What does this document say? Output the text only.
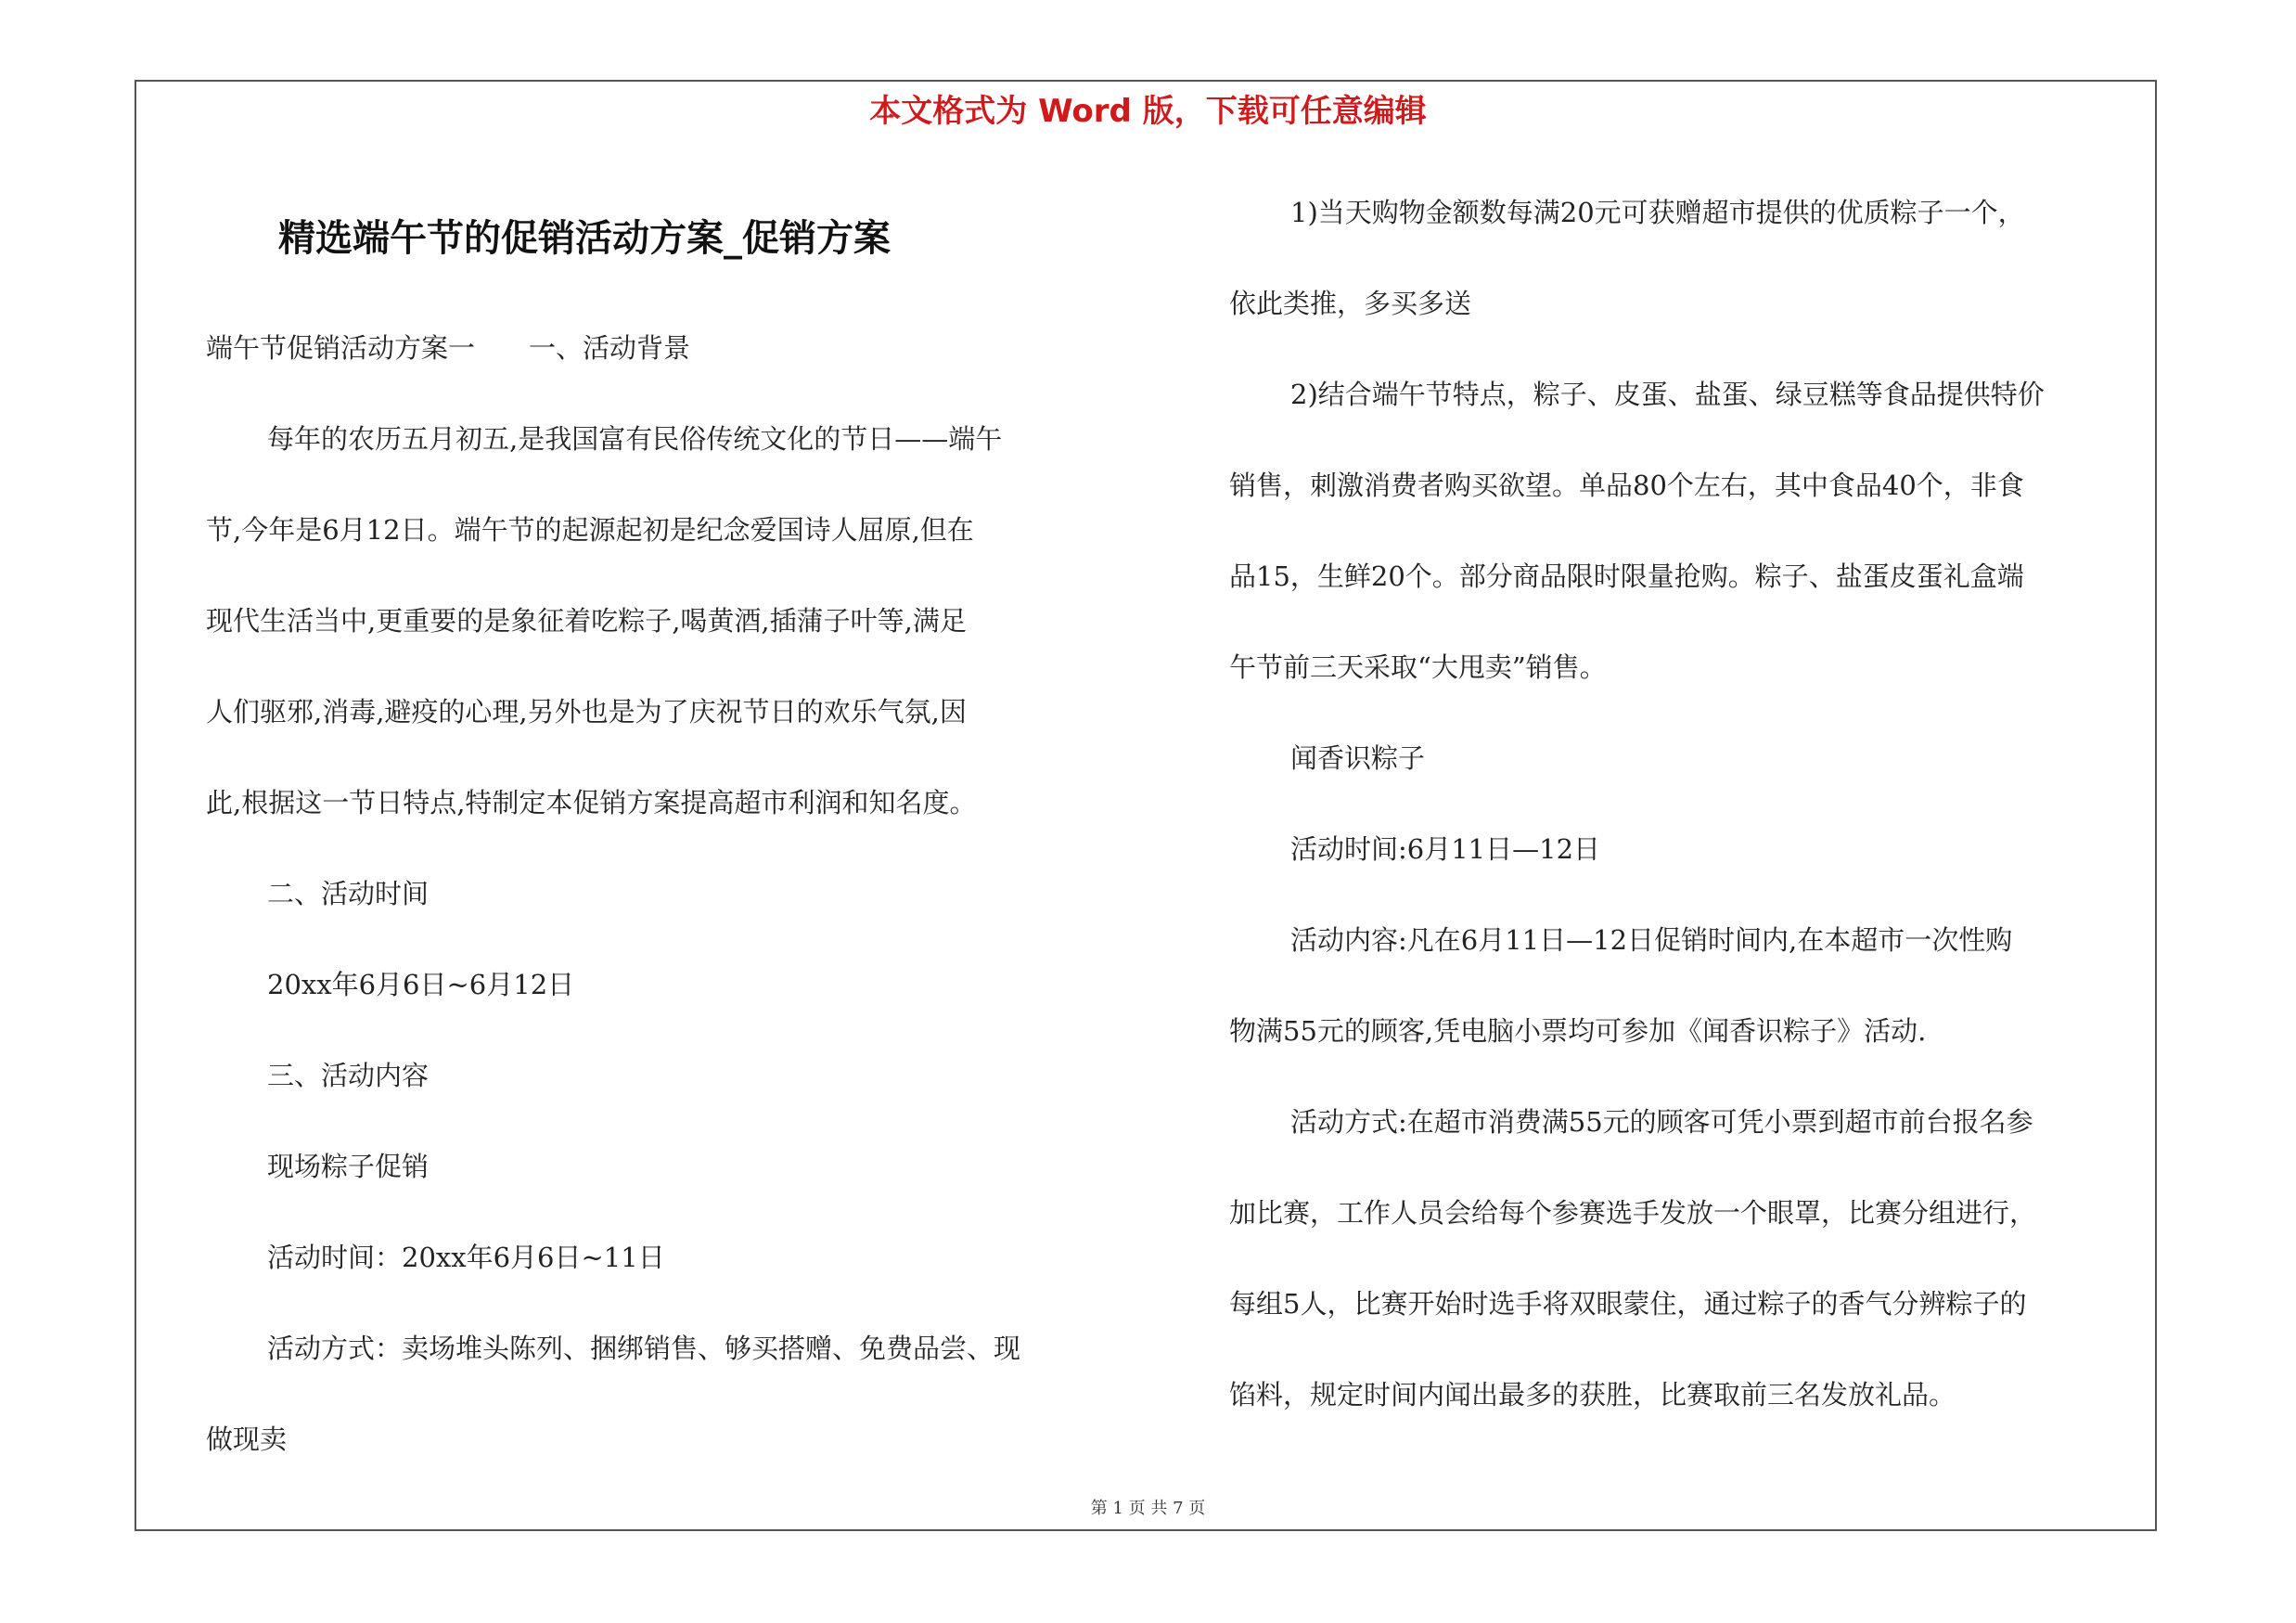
本文格式为 Word 版，下载可任意编辑
精选端午节的促销活动方案_促销方案

端午节促销活动方案一　　一、活动背景

每年的农历五月初五,是我国富有民俗传统文化的节日——端午

节,今年是6月12日。端午节的起源起初是纪念爱国诗人屈原,但在

现代生活当中,更重要的是象征着吃粽子,喝黄酒,插蒲子叶等,满足

人们驱邪,消毒,避疫的心理,另外也是为了庆祝节日的欢乐气氛,因

此,根据这一节日特点,特制定本促销方案提高超市利润和知名度。

二、活动时间

20xx年6月6日~6月12日

三、活动内容

现场粽子促销

活动时间：20xx年6月6日~11日

活动方式：卖场堆头陈列、捆绑销售、够买搭赠、免费品尝、现

做现卖

1)当天购物金额数每满20元可获赠超市提供的优质粽子一个，

依此类推，多买多送

2)结合端午节特点，粽子、皮蛋、盐蛋、绿豆糕等食品提供特价

销售，刺激消费者购买欲望。单品80个左右，其中食品40个，非食

品15，生鲜20个。部分商品限时限量抢购。粽子、盐蛋皮蛋礼盒端

午节前三天采取“大甩卖”销售。

闻香识粽子

活动时间:6月11日—12日

活动内容:凡在6月11日—12日促销时间内,在本超市一次性购

物满55元的顾客,凭电脑小票均可参加《闻香识粽子》活动.

活动方式:在超市消费满55元的顾客可凭小票到超市前台报名参

加比赛，工作人员会给每个参赛选手发放一个眼罩，比赛分组进行，

每组5人，比赛开始时选手将双眼蒙住，通过粽子的香气分辨粽子的

馅料，规定时间内闻出最多的获胜，比赛取前三名发放礼品。

第 1 页 共 7 页
